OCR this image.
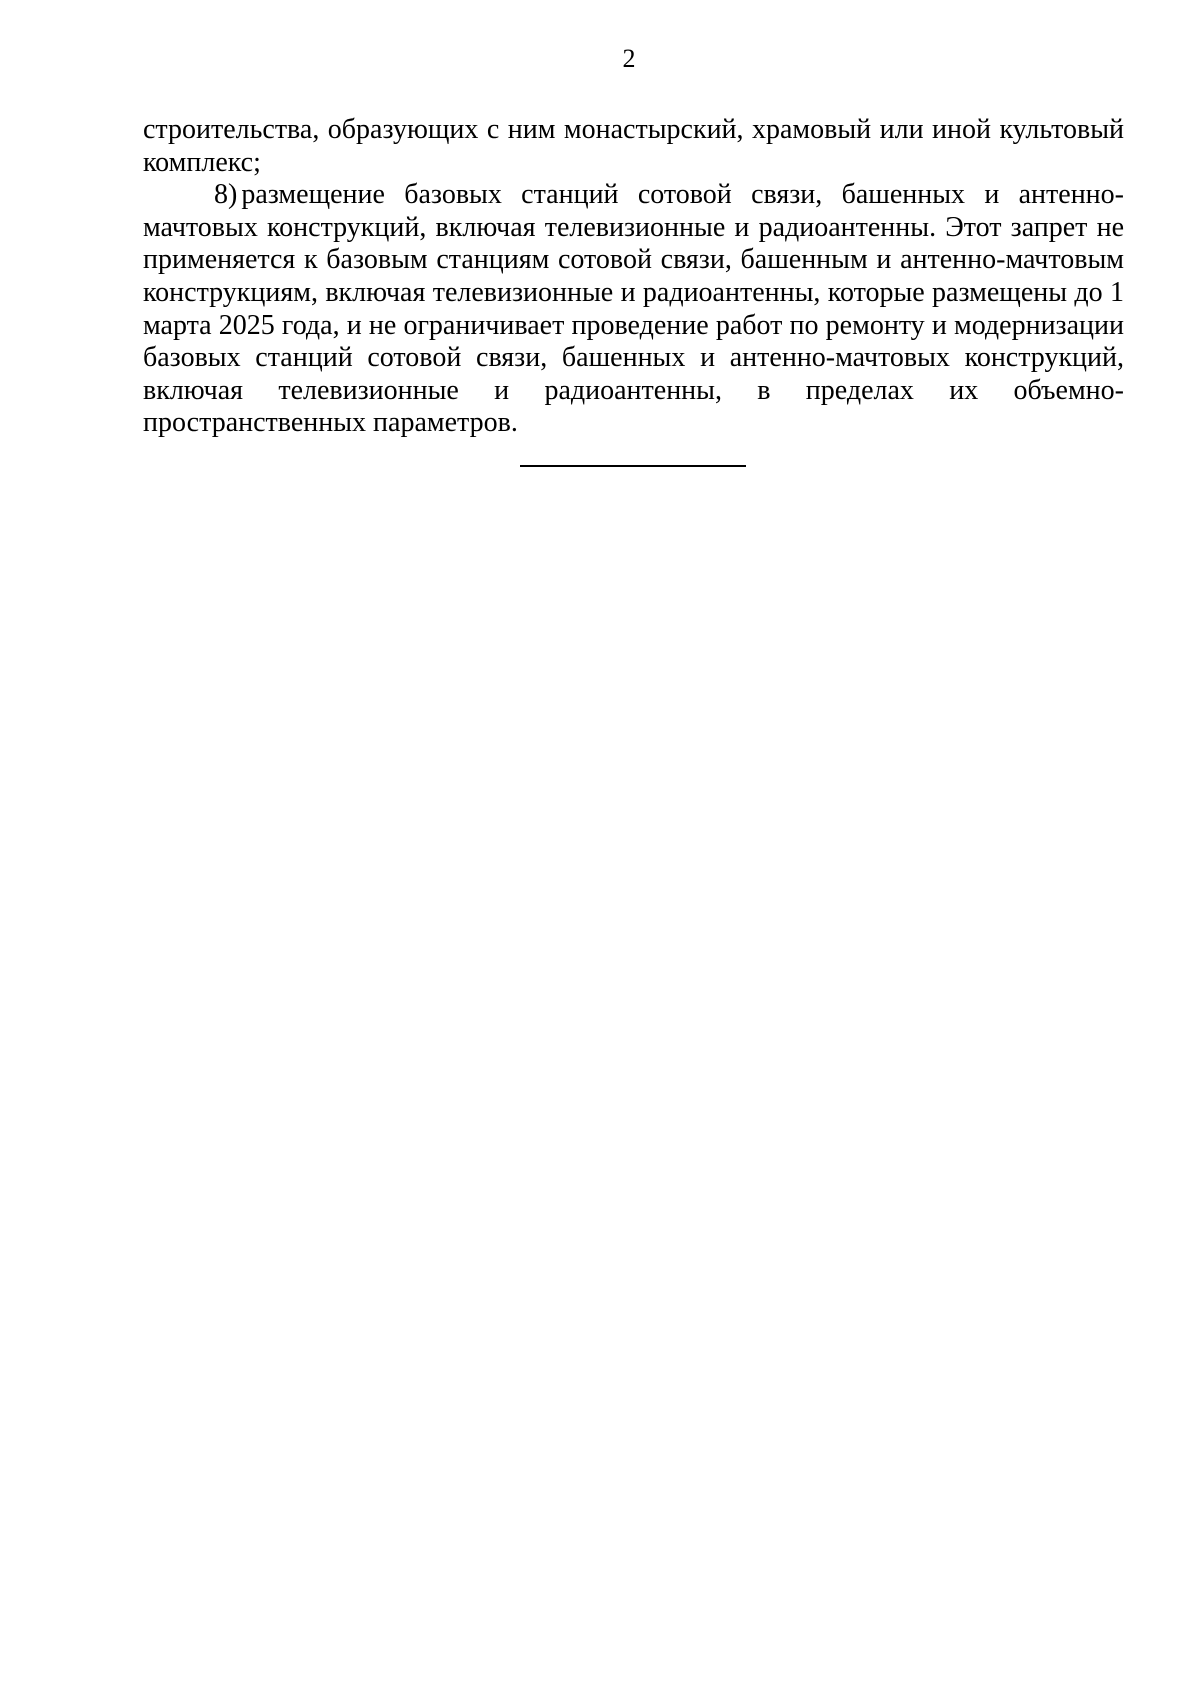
2

строительства, образующих с ним монастырский, храмовый или иной культовый комплекс;

8) размещение базовых станций сотовой связи, башенных и антенно-мачтовых конструкций, включая телевизионные и радиоантенны. Этот запрет не применяется к базовым станциям сотовой связи, башенным и антенно-мачтовым конструкциям, включая телевизионные и радиоантенны, которые размещены до 1 марта 2025 года, и не ограничивает проведение работ по ремонту и модернизации базовых станций сотовой связи, башенных и антенно-мачтовых конструкций, включая телевизионные и радиоантенны, в пределах их объемно- пространственных параметров.
